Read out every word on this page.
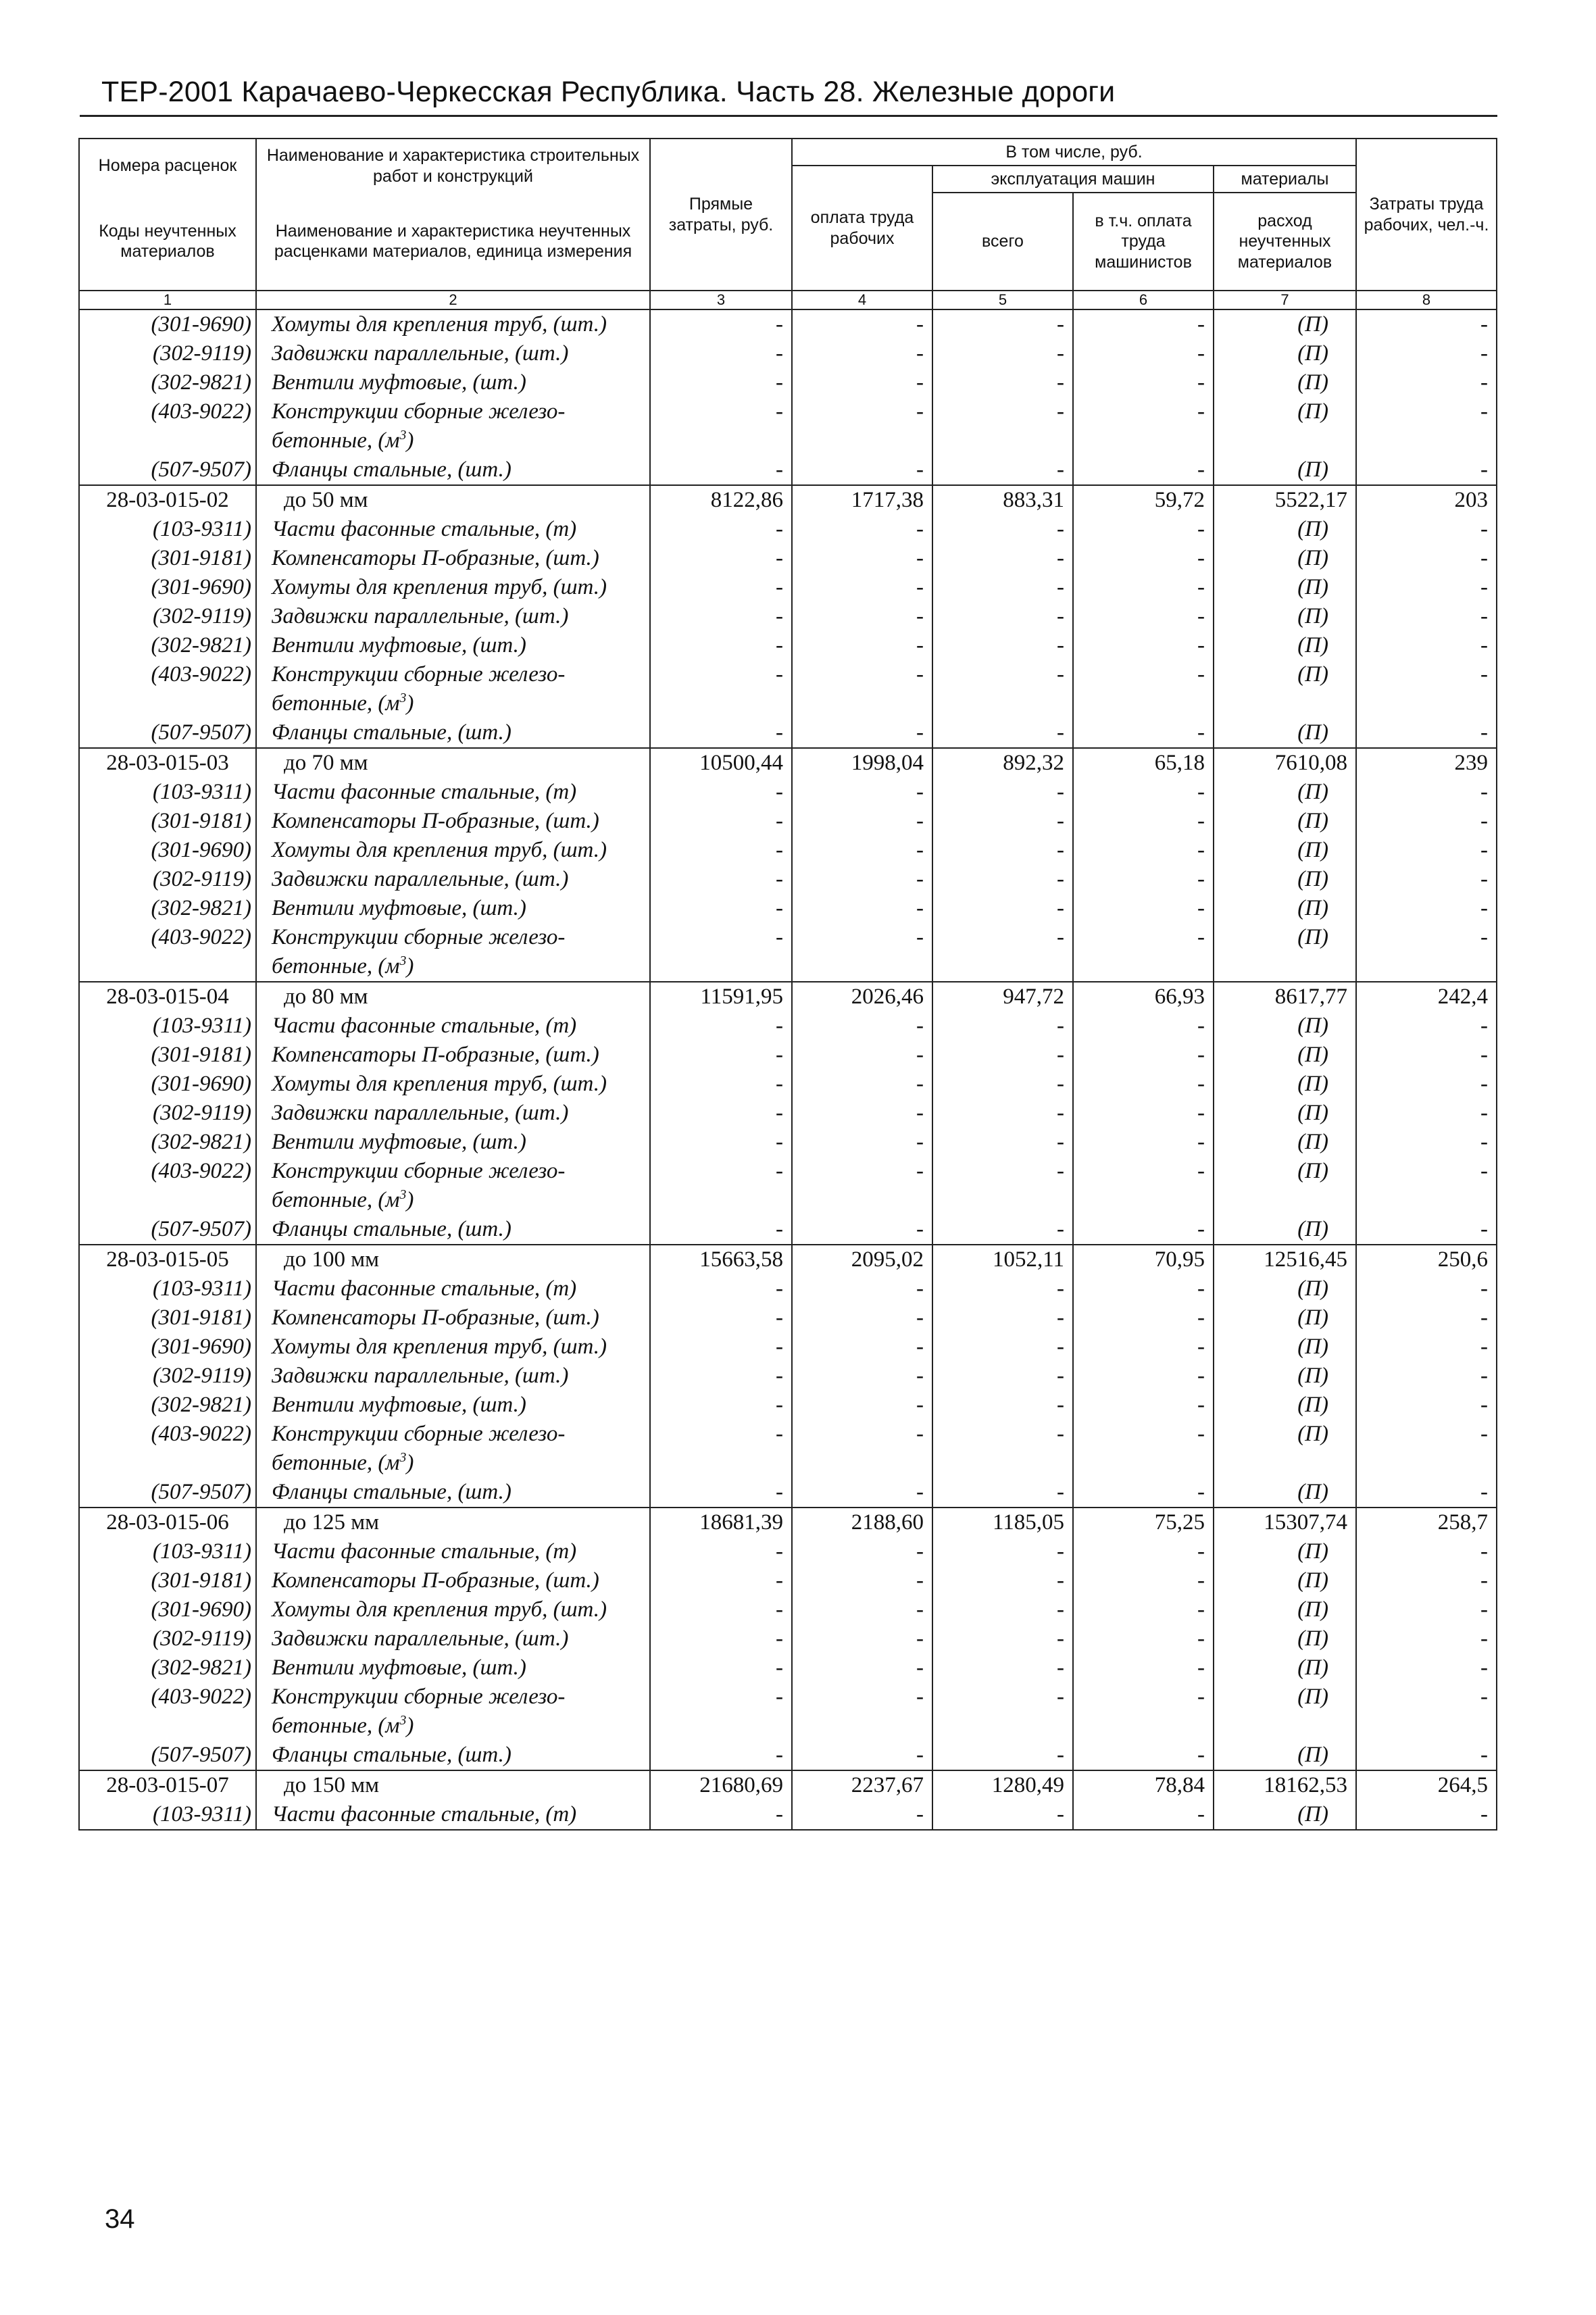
ТЕР-2001 Карачаево-Черкесская Республика. Часть 28. Железные дороги
Номера расценок	Наименование и характеристика строительных работ и конструкций	Прямые затраты, руб.	В том числе, руб.				Затраты труда рабочих, чел.-ч.
			оплата труда рабочих	эксплуатация машин		материалы	
Коды неучтенных материалов	Наименование и характеристика неучтенных расценками материалов, единица измерения			всего	в т.ч. оплата труда машинистов	расход неучтенных материалов	

1	2	3	4	5	6	7	8
(301-9690)	Хомуты для крепления труб, (шт.)	-	-	-	-	(П)	-
(302-9119)	Задвижки параллельные, (шт.)	-	-	-	-	(П)	-
(302-9821)	Вентили муфтовые, (шт.)	-	-	-	-	(П)	-
(403-9022)	Конструкции сборные железо-бетонные, $(м^3)$	-	-	-	-	(П)	-
(507-9507)	Фланцы стальные, (шт.)	-	-	-	-	(П)	-
28-03-015-02	до 50 мм	8122,86	1717,38	883,31	59,72	5522,17	203
(103-9311)	Части фасонные стальные, (т)	-	-	-	-	(П)	-
(301-9181)	Компенсаторы П-образные, (шт.)	-	-	-	-	(П)	-
(301-9690)	Хомуты для крепления труб, (шт.)	-	-	-	-	(П)	-
(302-9119)	Задвижки параллельные, (шт.)	-	-	-	-	(П)	-
(302-9821)	Вентили муфтовые, (шт.)	-	-	-	-	(П)	-
(403-9022)	Конструкции сборные железо-бетонные, $(м^3)$	-	-	-	-	(П)	-
(507-9507)	Фланцы стальные, (шт.)	-	-	-	-	(П)	-
28-03-015-03	до 70 мм	10500,44	1998,04	892,32	65,18	7610,08	239
(103-9311)	Части фасонные стальные, (т)	-	-	-	-	(П)	-
(301-9181)	Компенсаторы П-образные, (шт.)	-	-	-	-	(П)	-
(301-9690)	Хомуты для крепления труб, (шт.)	-	-	-	-	(П)	-
(302-9119)	Задвижки параллельные, (шт.)	-	-	-	-	(П)	-
(302-9821)	Вентили муфтовые, (шт.)	-	-	-	-	(П)	-
(403-9022)	Конструкции сборные железо-бетонные, $(м^3)$	-	-	-	-	(П)	-
28-03-015-04	до 80 мм	11591,95	2026,46	947,72	66,93	8617,77	242,4
(103-9311)	Части фасонные стальные, (т)	-	-	-	-	(П)	-
(301-9181)	Компенсаторы П-образные, (шт.)	-	-	-	-	(П)	-
(301-9690)	Хомуты для крепления труб, (шт.)	-	-	-	-	(П)	-
(302-9119)	Задвижки параллельные, (шт.)	-	-	-	-	(П)	-
(302-9821)	Вентили муфтовые, (шт.)	-	-	-	-	(П)	-
(403-9022)	Конструкции сборные железо-бетонные, $(м^3)$	-	-	-	-	(П)	-
(507-9507)	Фланцы стальные, (шт.)	-	-	-	-	(П)	-
28-03-015-05	до 100 мм	15663,58	2095,02	1052,11	70,95	12516,45	250,6
(103-9311)	Части фасонные стальные, (т)	-	-	-	-	(П)	-
(301-9181)	Компенсаторы П-образные, (шт.)	-	-	-	-	(П)	-
(301-9690)	Хомуты для крепления труб, (шт.)	-	-	-	-	(П)	-
(302-9119)	Задвижки параллельные, (шт.)	-	-	-	-	(П)	-
(302-9821)	Вентили муфтовые, (шт.)	-	-	-	-	(П)	-
(403-9022)	Конструкции сборные железо-бетонные, $(м^3)$	-	-	-	-	(П)	-
(507-9507)	Фланцы стальные, (шт.)	-	-	-	-	(П)	-
28-03-015-06	до 125 мм	18681,39	2188,60	1185,05	75,25	15307,74	258,7
(103-9311)	Части фасонные стальные, (т)	-	-	-	-	(П)	-
(301-9181)	Компенсаторы П-образные, (шт.)	-	-	-	-	(П)	-
(301-9690)	Хомуты для крепления труб, (шт.)	-	-	-	-	(П)	-
(302-9119)	Задвижки параллельные, (шт.)	-	-	-	-	(П)	-
(302-9821)	Вентили муфтовые, (шт.)	-	-	-	-	(П)	-
(403-9022)	Конструкции сборные железо-бетонные, $(м^3)$	-	-	-	-	(П)	-
(507-9507)	Фланцы стальные, (шт.)	-	-	-	-	(П)	-
28-03-015-07	до 150 мм	21680,69	2237,67	1280,49	78,84	18162,53	264,5
(103-9311)	Части фасонные стальные, (т)	-	-	-	-	(П)	-
34
